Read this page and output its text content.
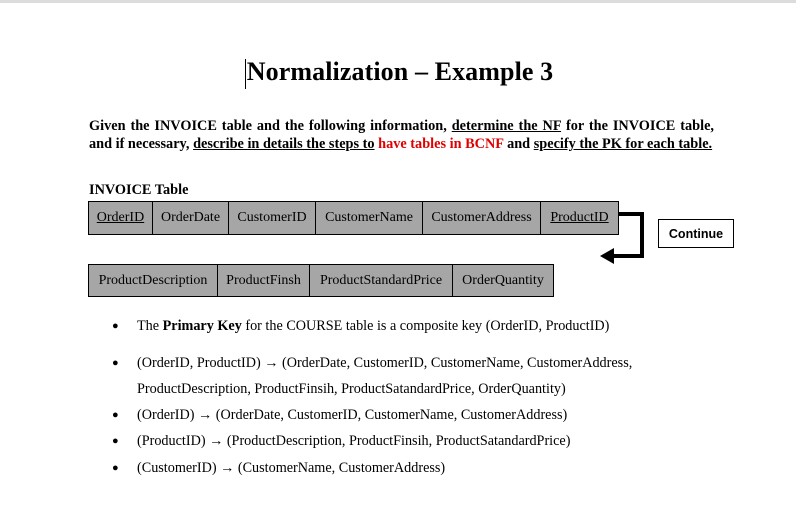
Normalization – Example 3
Given the INVOICE table and the following information, determine the NF for the INVOICE table, and if necessary, describe in details the steps to have tables in BCNF and specify the PK for each table.
INVOICE Table
OrderID OrderDate CustomerID CustomerName CustomerAddress ProductID
Continue
ProductDescription ProductFinsh ProductStandardPrice OrderQuantity
● The Primary Key for the COURSE table is a composite key (OrderID, ProductID)
● (OrderID, ProductID) → (OrderDate, CustomerID, CustomerName, CustomerAddress,
ProductDescription, ProductFinsih, ProductSatandardPrice, OrderQuantity)
● (OrderID) → (OrderDate, CustomerID, CustomerName, CustomerAddress)
● (ProductID) → (ProductDescription, ProductFinsih, ProductSatandardPrice)
● (CustomerID) → (CustomerName, CustomerAddress)
